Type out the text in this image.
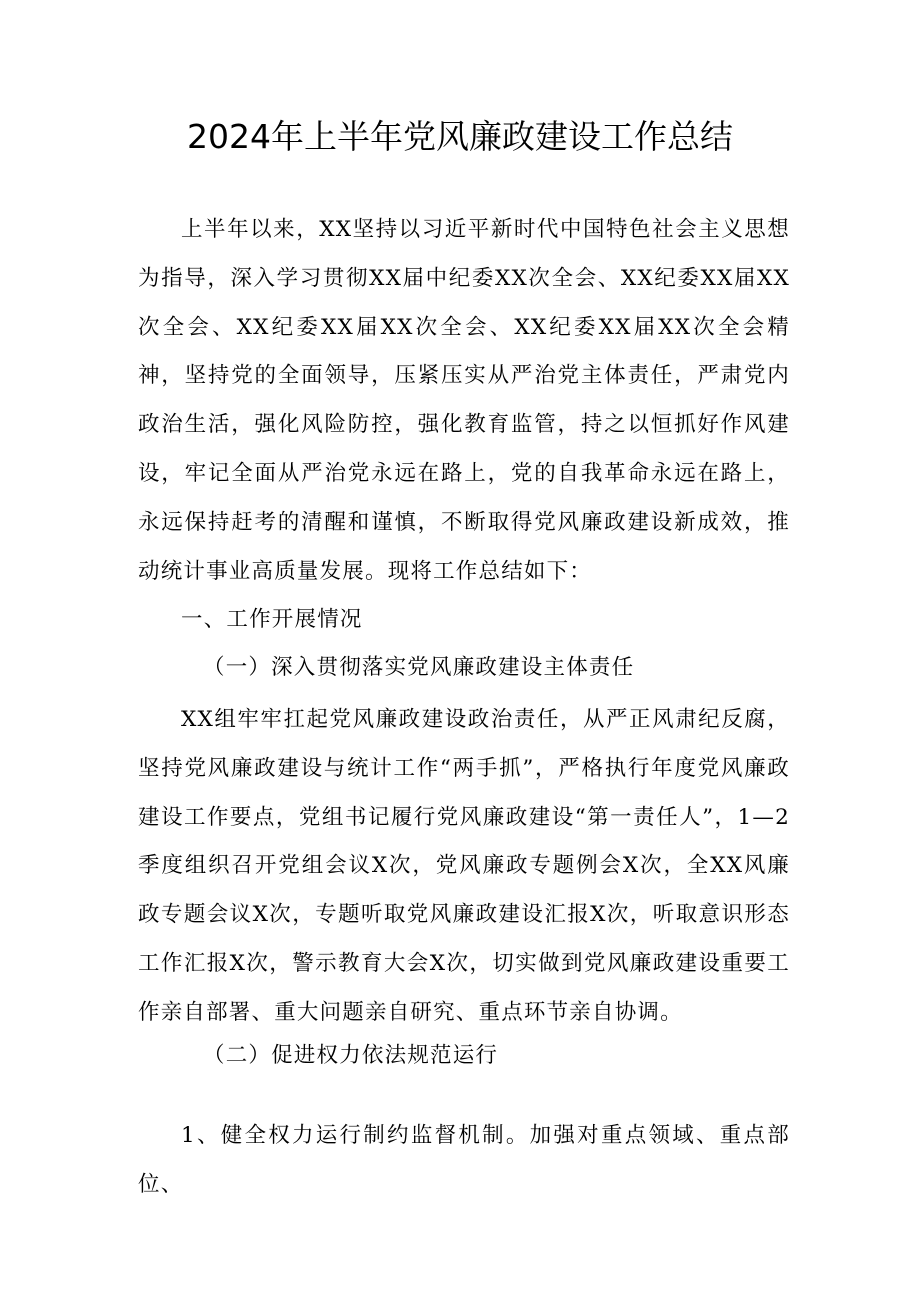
2024年上半年党风廉政建设工作总结

上半年以来，XX坚持以习近平新时代中国特色社会主义思想为指导，深入学习贯彻XX届中纪委XX次全会、XX纪委XX届XX次全会、XX纪委XX届XX次全会、XX纪委XX届XX次全会精神，坚持党的全面领导，压紧压实从严治党主体责任，严肃党内政治生活，强化风险防控，强化教育监管，持之以恒抓好作风建设，牢记全面从严治党永远在路上，党的自我革命永远在路上，永远保持赶考的清醒和谨慎，不断取得党风廉政建设新成效，推动统计事业高质量发展。现将工作总结如下：

一、工作开展情况

（一）深入贯彻落实党风廉政建设主体责任

XX组牢牢扛起党风廉政建设政治责任，从严正风肃纪反腐，坚持党风廉政建设与统计工作“两手抓”，严格执行年度党风廉政建设工作要点，党组书记履行党风廉政建设“第一责任人”，1—2季度组织召开党组会议X次，党风廉政专题例会X次，全XX风廉政专题会议X次，专题听取党风廉政建设汇报X次，听取意识形态工作汇报X次，警示教育大会X次，切实做到党风廉政建设重要工作亲自部署、重大问题亲自研究、重点环节亲自协调。

（二）促进权力依法规范运行

1、健全权力运行制约监督机制。加强对重点领域、重点部位、
